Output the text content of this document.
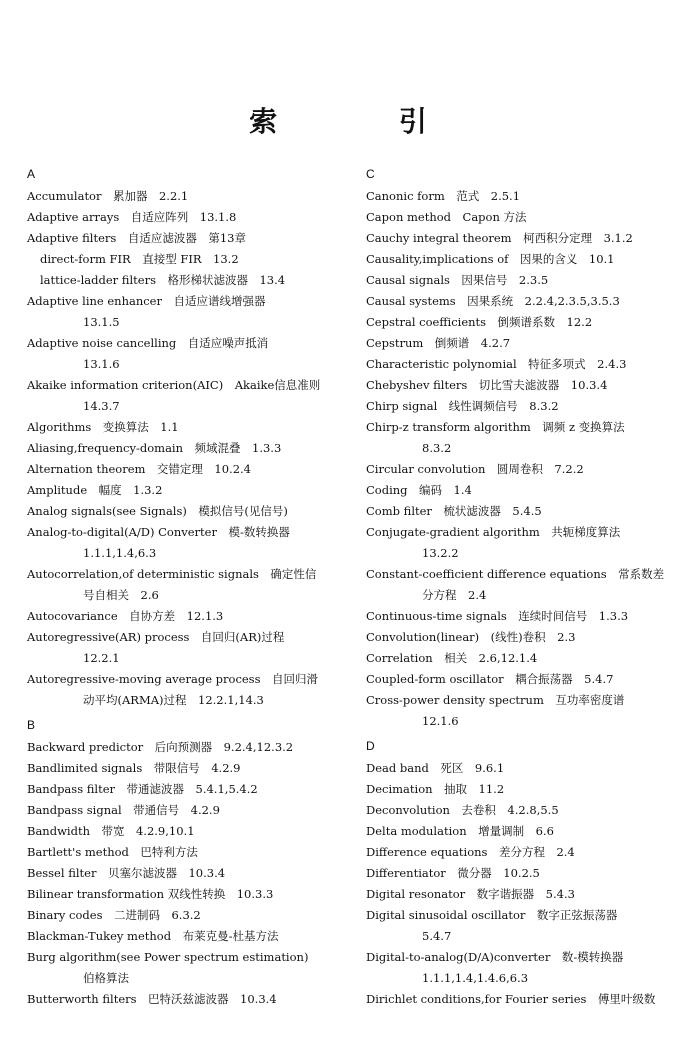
索 引
A
Accumulator　累加器　2.2.1
Adaptive arrays　自适应阵列　13.1.8
Adaptive filters　自适应滤波器　第13章
direct-form FIR　直接型 FIR　13.2
lattice-ladder filters　格形梯状滤波器　13.4
Adaptive line enhancer　自适应谱线增强器
13.1.5
Adaptive noise cancelling　自适应噪声抵消
13.1.6
Akaike information criterion(AIC)　Akaike信息准则
14.3.7
Algorithms　变换算法　1.1
Aliasing,frequency-domain　频域混叠　1.3.3
Alternation theorem　交错定理　10.2.4
Amplitude　幅度　1.3.2
Analog signals(see Signals)　模拟信号(见信号)
Analog-to-digital(A/D) Converter　模-数转换器
1.1.1,1.4,6.3
Autocorrelation,of deterministic signals　确定性信
号自相关　2.6
Autocovariance　自协方差　12.1.3
Autoregressive(AR) process　自回归(AR)过程
12.2.1
Autoregressive-moving average process　自回归滑
动平均(ARMA)过程　12.2.1,14.3
B
Backward predictor　后向预测器　9.2.4,12.3.2
Bandlimited signals　带限信号　4.2.9
Bandpass filter　带通滤波器　5.4.1,5.4.2
Bandpass signal　带通信号　4.2.9
Bandwidth　带宽　4.2.9,10.1
Bartlett's method　巴特利方法
Bessel filter　贝塞尔滤波器　10.3.4
Bilinear transformation 双线性转换　10.3.3
Binary codes　二进制码　6.3.2
Blackman-Tukey method　布莱克曼-杜基方法
Burg algorithm(see Power spectrum estimation)
伯格算法
Butterworth filters　巴特沃兹滤波器　10.3.4
C
Canonic form　范式　2.5.1
Capon method　Capon 方法
Cauchy integral theorem　柯西积分定理　3.1.2
Causality,implications of　因果的含义　10.1
Causal signals　因果信号　2.3.5
Causal systems　因果系统　2.2.4,2.3.5,3.5.3
Cepstral coefficients　倒频谱系数　12.2
Cepstrum　倒频谱　4.2.7
Characteristic polynomial　特征多项式　2.4.3
Chebyshev filters　切比雪夫滤波器　10.3.4
Chirp signal　线性调频信号　8.3.2
Chirp-z transform algorithm　调频 z 变换算法
8.3.2
Circular convolution　圆周卷积　7.2.2
Coding　编码　1.4
Comb filter　梳状滤波器　5.4.5
Conjugate-gradient algorithm　共轭梯度算法
13.2.2
Constant-coefficient difference equations　常系数差
分方程　2.4
Continuous-time signals　连续时间信号　1.3.3
Convolution(linear)　(线性)卷积　2.3
Correlation　相关　2.6,12.1.4
Coupled-form oscillator　耦合振荡器　5.4.7
Cross-power density spectrum　互功率密度谱
12.1.6
D
Dead band　死区　9.6.1
Decimation　抽取　11.2
Deconvolution　去卷积　4.2.8,5.5
Delta modulation　增量调制　6.6
Difference equations　差分方程　2.4
Differentiator　微分器　10.2.5
Digital resonator　数字谐振器　5.4.3
Digital sinusoidal oscillator　数字正弦振荡器
5.4.7
Digital-to-analog(D/A)converter　数-模转换器
1.1.1,1.4,1.4.6,6.3
Dirichlet conditions,for Fourier series　傅里叶级数
